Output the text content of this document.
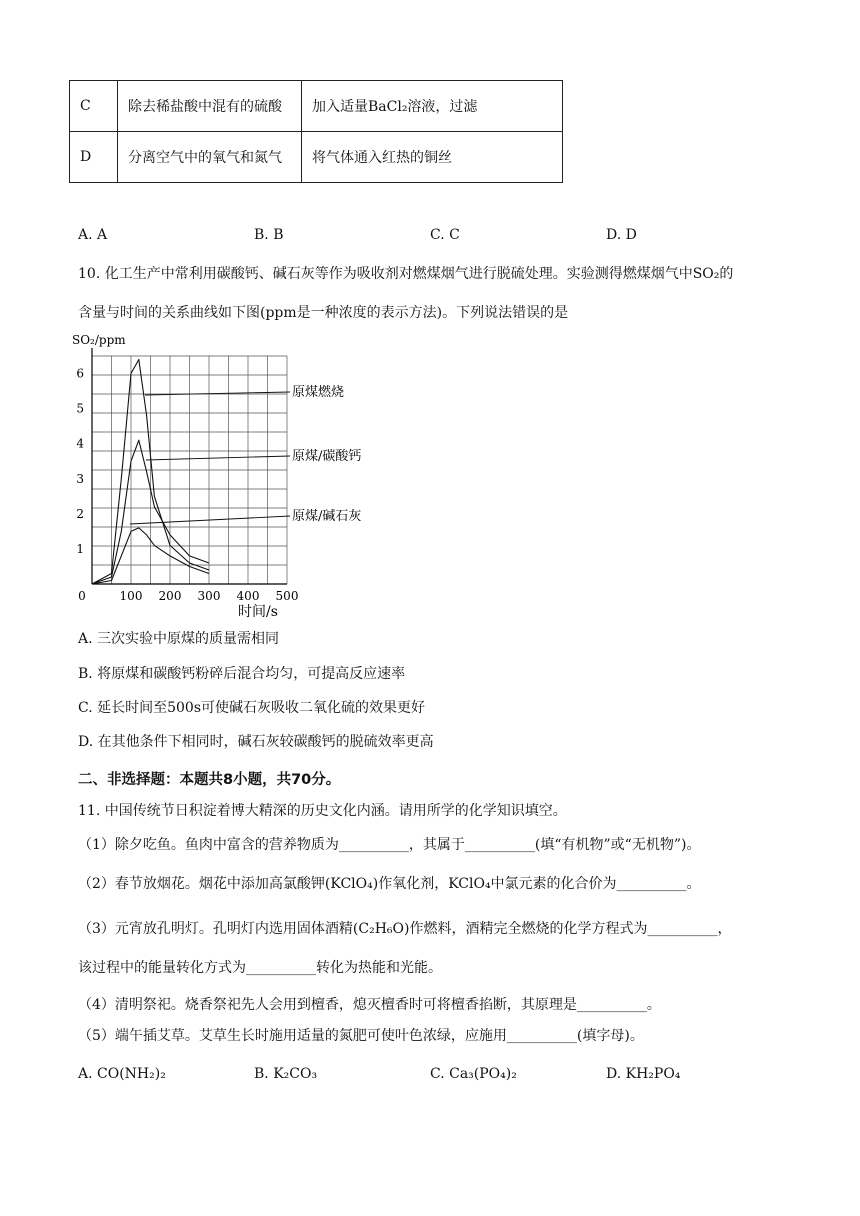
C	除去稀盐酸中混有的硫酸	加入适量BaCl₂溶液，过滤
D	分离空气中的氧气和氮气	将气体通入红热的铜丝
A. A	B. B	C. C	D. D
10. 化工生产中常利用碳酸钙、碱石灰等作为吸收剂对燃煤烟气进行脱硫处理。实验测得燃煤烟气中SO₂的
含量与时间的关系曲线如下图(ppm是一种浓度的表示方法)。下列说法错误的是
SO₂/ppm
时间/s
0	100 200 300 400 500
1
2
3
4
5
6
原煤燃烧
原煤/碳酸钙
原煤/碱石灰
A. 三次实验中原煤的质量需相同
B. 将原煤和碳酸钙粉碎后混合均匀，可提高反应速率
C. 延长时间至500s可使碱石灰吸收二氧化硫的效果更好
D. 在其他条件下相同时，碱石灰较碳酸钙的脱硫效率更高
二、非选择题：本题共8小题，共70分。
11. 中国传统节日积淀着博大精深的历史文化内涵。请用所学的化学知识填空。
（1）除夕吃鱼。鱼肉中富含的营养物质为__________，其属于__________(填“有机物”或“无机物”)。
（2）春节放烟花。烟花中添加高氯酸钾(KClO₄)作氧化剂，KClO₄中氯元素的化合价为__________。
（3）元宵放孔明灯。孔明灯内选用固体酒精(C₂H₆O)作燃料，酒精完全燃烧的化学方程式为__________，
该过程中的能量转化方式为__________转化为热能和光能。
（4）清明祭祀。烧香祭祀先人会用到檀香，熄灭檀香时可将檀香掐断，其原理是__________。
（5）端午插艾草。艾草生长时施用适量的氮肥可使叶色浓绿，应施用__________(填字母)。
A. CO(NH₂)₂	B. K₂CO₃	C. Ca₃(PO₄)₂	D. KH₂PO₄
